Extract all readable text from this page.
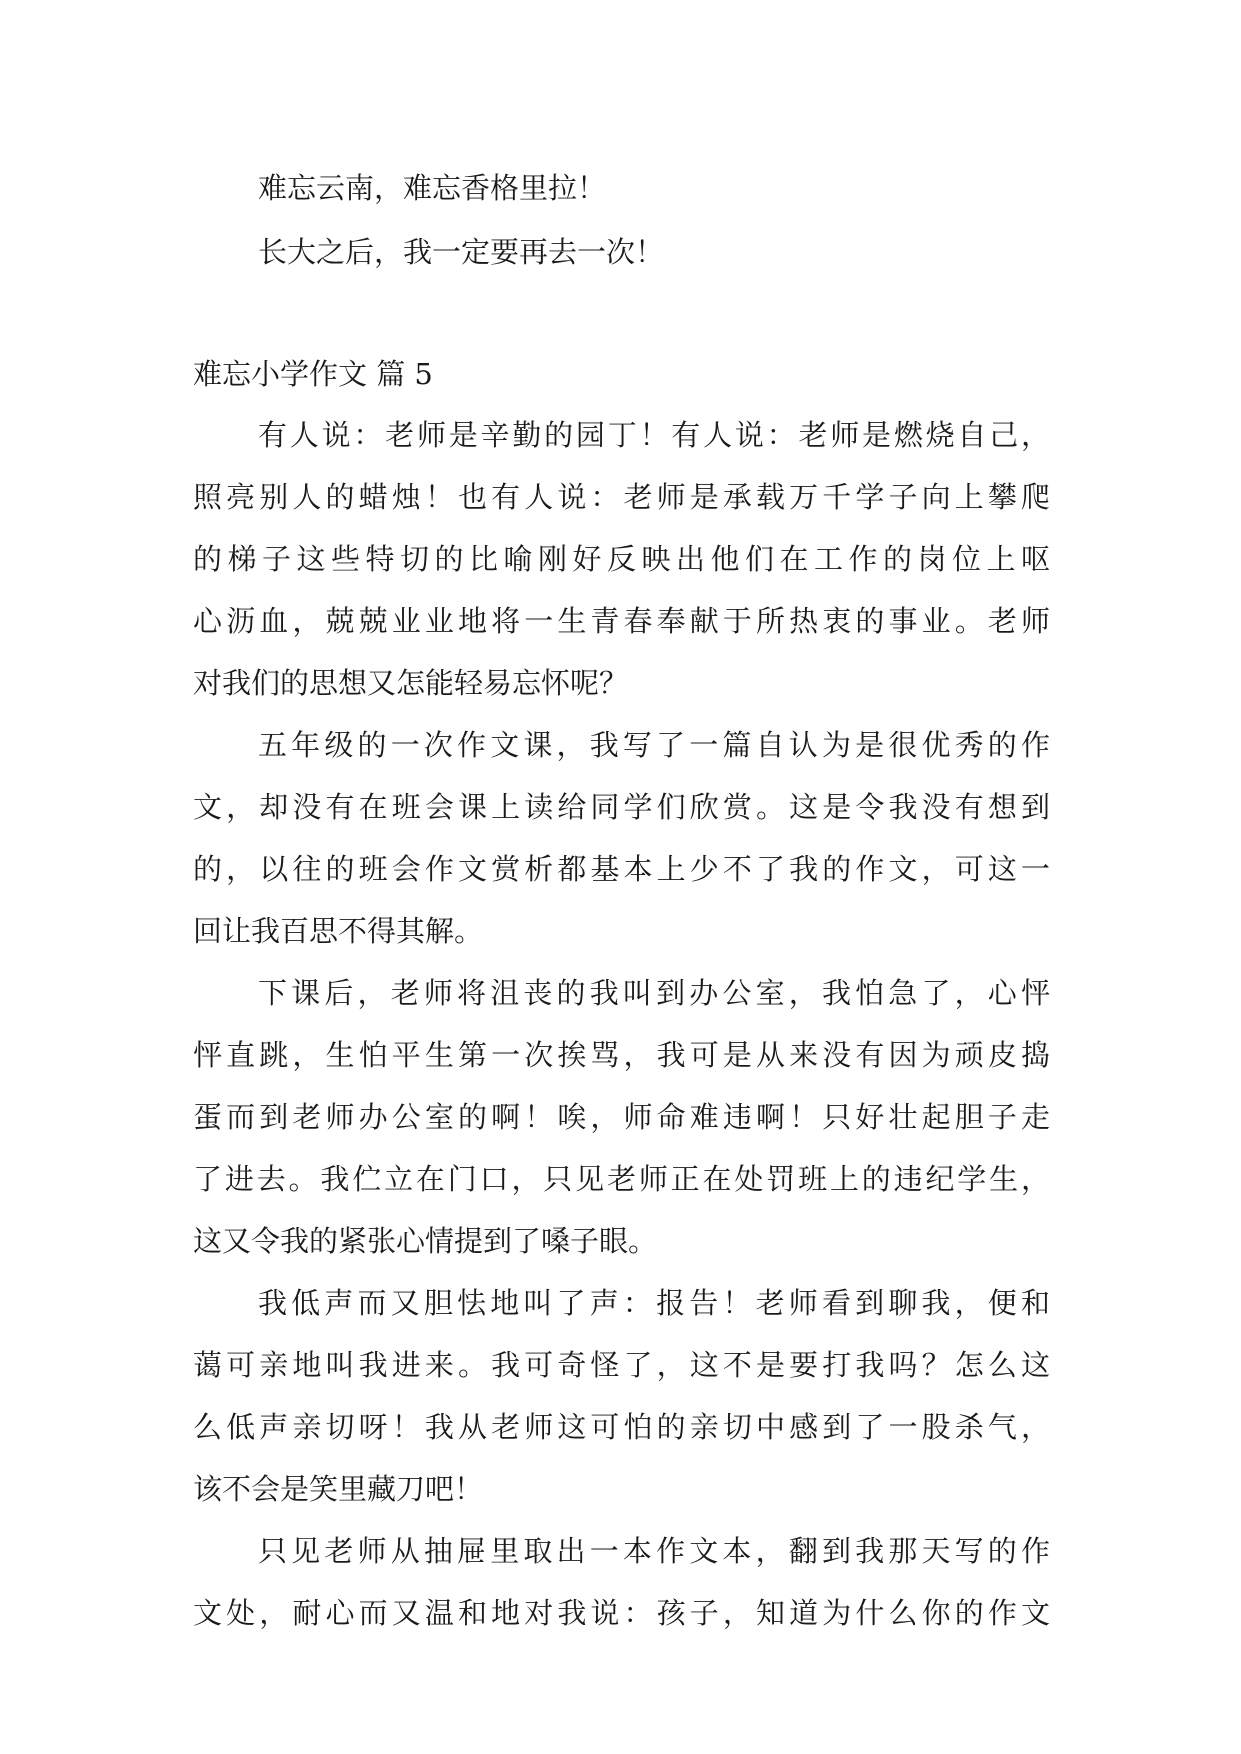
难忘云南，难忘香格里拉！

长大之后，我一定要再去一次！

难忘小学作文 篇 5

有人说：老师是辛勤的园丁！有人说：老师是燃烧自己，

照亮别人的蜡烛！也有人说：老师是承载万千学子向上攀爬

的梯子这些特切的比喻刚好反映出他们在工作的岗位上呕

心沥血，兢兢业业地将一生青春奉献于所热衷的事业。老师

对我们的思想又怎能轻易忘怀呢？

五年级的一次作文课，我写了一篇自认为是很优秀的作

文，却没有在班会课上读给同学们欣赏。这是令我没有想到

的，以往的班会作文赏析都基本上少不了我的作文，可这一

回让我百思不得其解。

下课后，老师将沮丧的我叫到办公室，我怕急了，心怦

怦直跳，生怕平生第一次挨骂，我可是从来没有因为顽皮捣

蛋而到老师办公室的啊！唉，师命难违啊！只好壮起胆子走

了进去。我伫立在门口，只见老师正在处罚班上的违纪学生，

这又令我的紧张心情提到了嗓子眼。

我低声而又胆怯地叫了声：报告！老师看到聊我，便和

蔼可亲地叫我进来。我可奇怪了，这不是要打我吗？怎么这

么低声亲切呀！我从老师这可怕的亲切中感到了一股杀气，

该不会是笑里藏刀吧！

只见老师从抽屉里取出一本作文本，翻到我那天写的作

文处，耐心而又温和地对我说：孩子，知道为什么你的作文
